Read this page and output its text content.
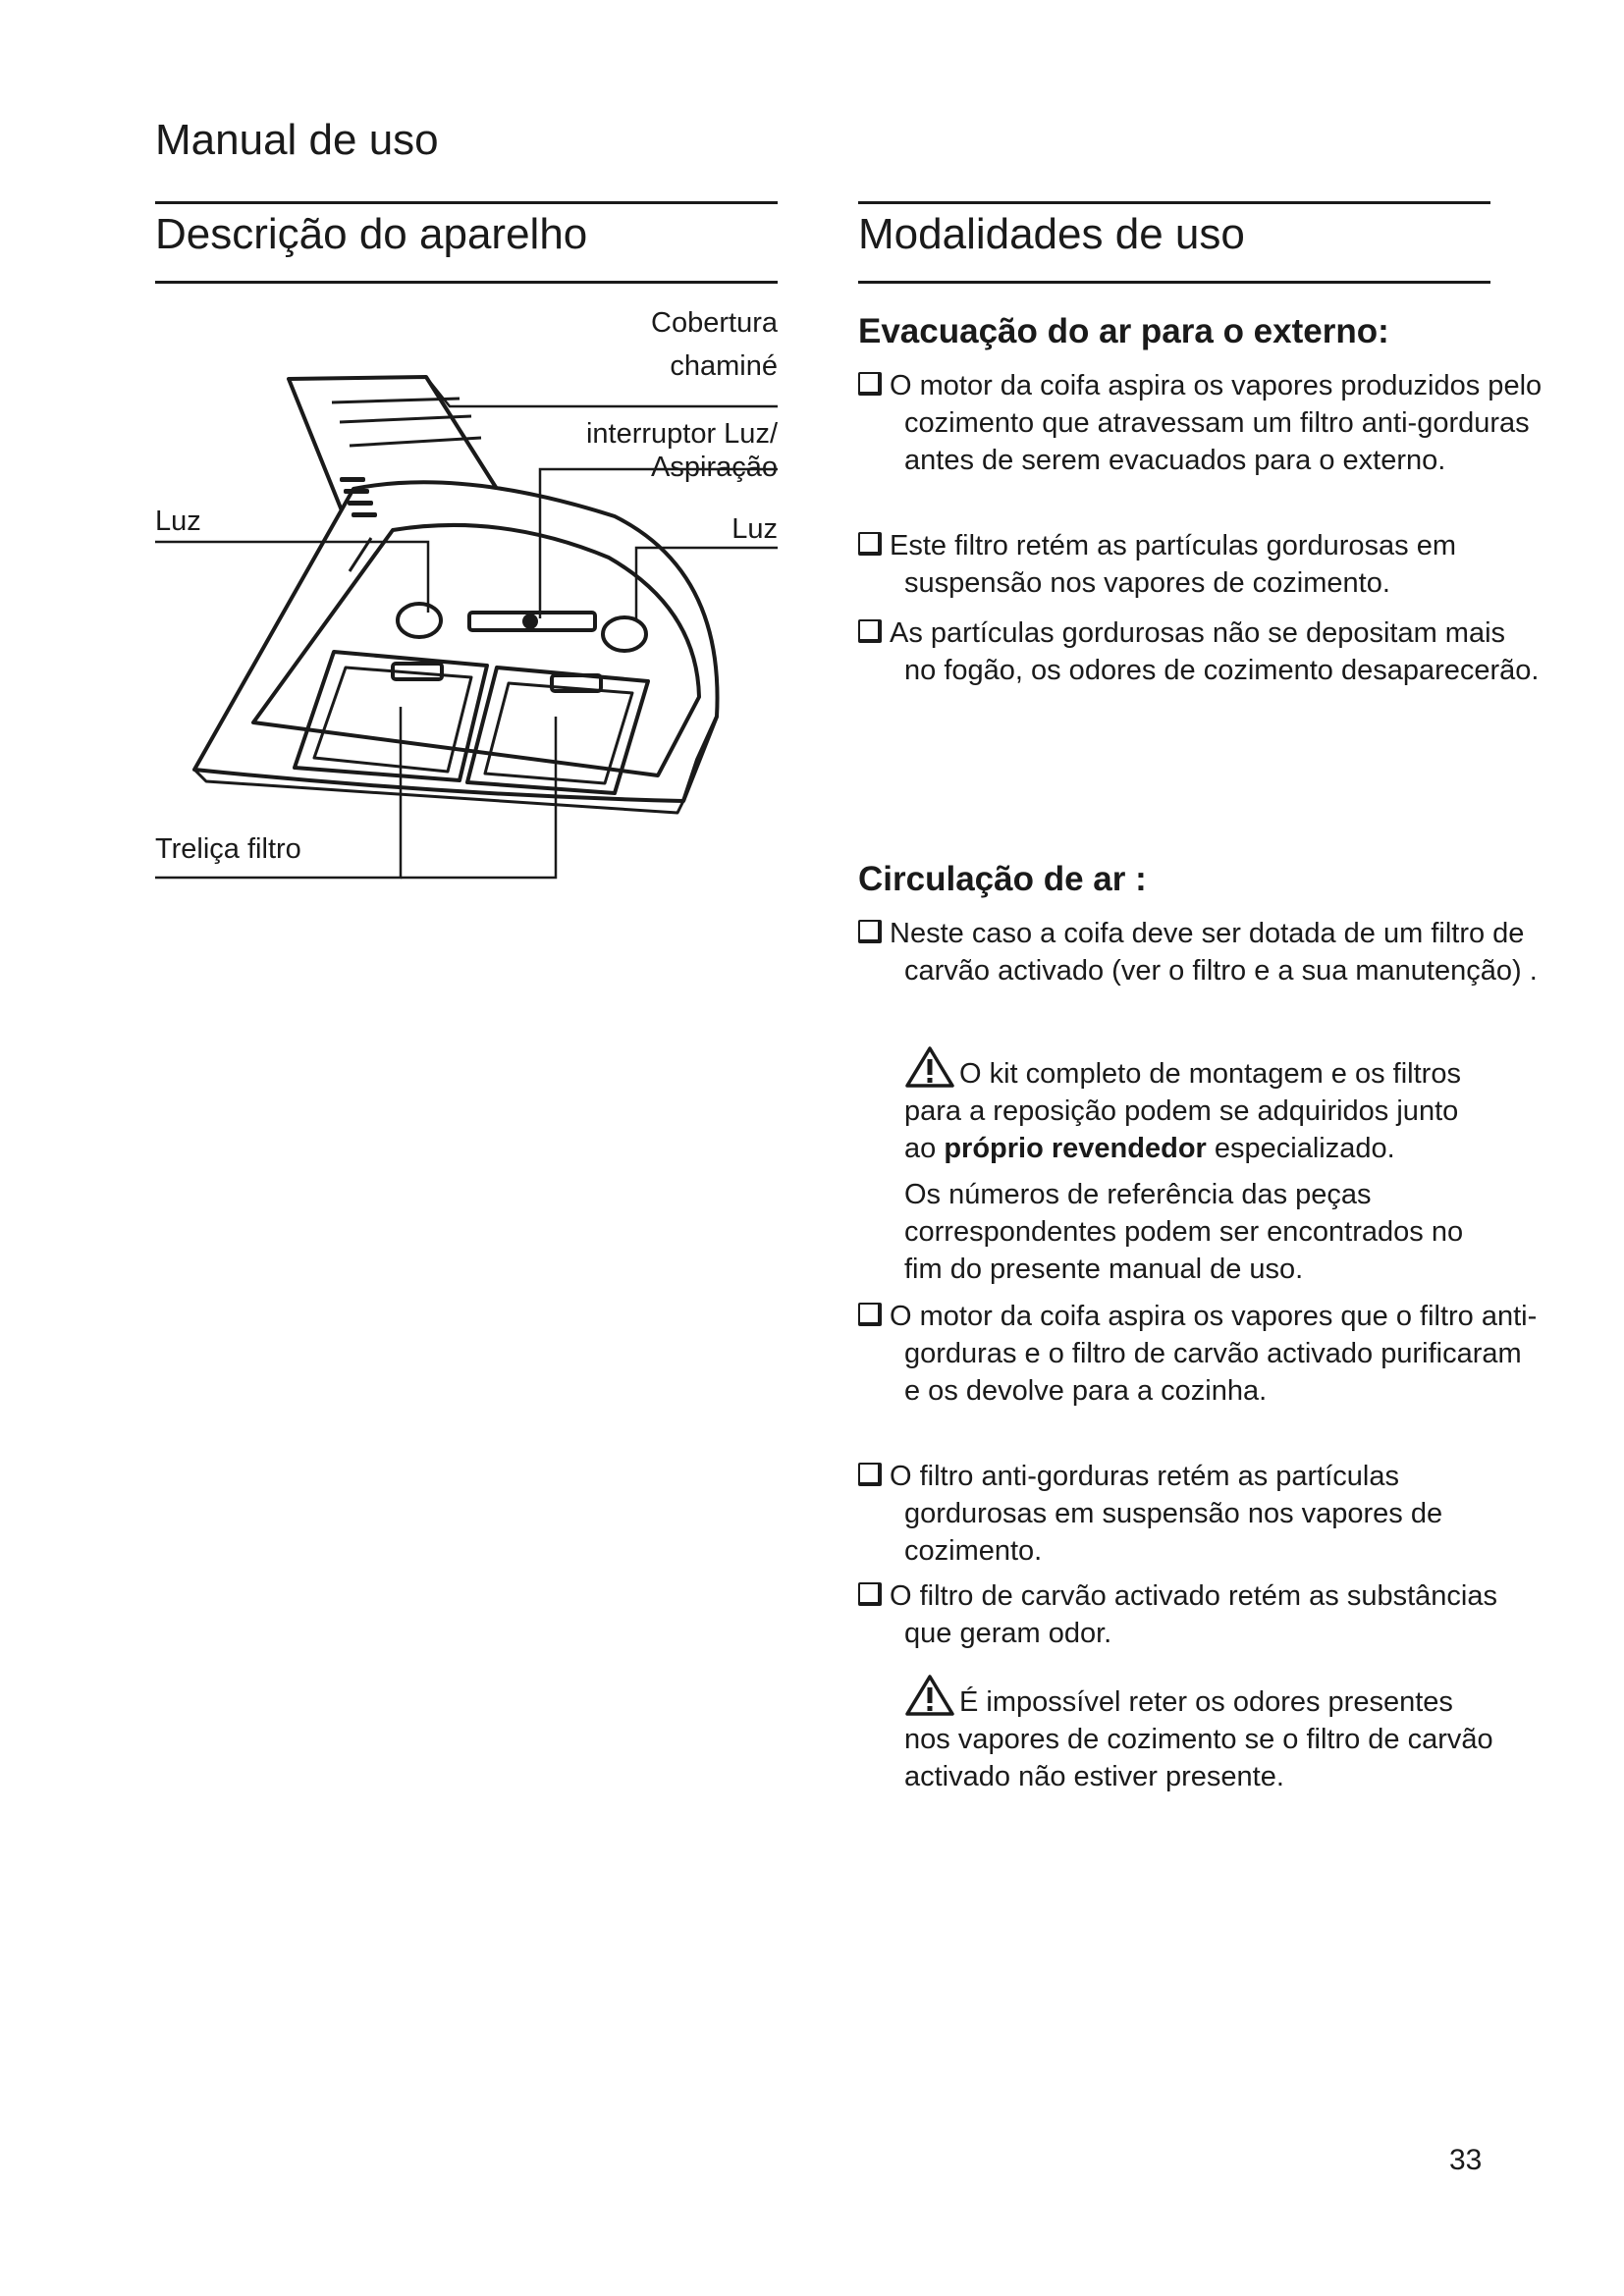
Manual de uso
Descrição do aparelho
Cobertura
chaminé
interruptor Luz/
Aspiração
Luz	Luz
Treliça filtro
Modalidades de uso
Evacuação do ar para o externo:
O motor da coifa aspira os vapores produzidos pelo cozimento que atravessam um filtro anti-gorduras antes de serem evacuados para o externo.
Este filtro retém as partículas gordurosas em suspensão nos vapores de cozimento.
As partículas gordurosas não se depositam mais no fogão, os odores de cozimento desaparecerão.
Circulação de ar :
Neste caso a coifa deve ser dotada de um filtro de carvão activado (ver o filtro e a sua manutenção) .
O kit completo de montagem e os filtros para a reposição podem se adquiridos junto ao próprio revendedor especializado.
Os números de referência das peças correspondentes podem ser encontrados no fim do presente manual de uso.
O motor da coifa aspira os vapores que o filtro anti-gorduras e o filtro de carvão activado purificaram e os devolve para a cozinha.
O filtro anti-gorduras retém as partículas gordurosas em suspensão nos vapores de cozimento.
O filtro de carvão activado retém as substâncias que geram odor.
É impossível reter os odores presentes nos vapores de cozimento se o filtro de carvão activado não estiver presente.
33
